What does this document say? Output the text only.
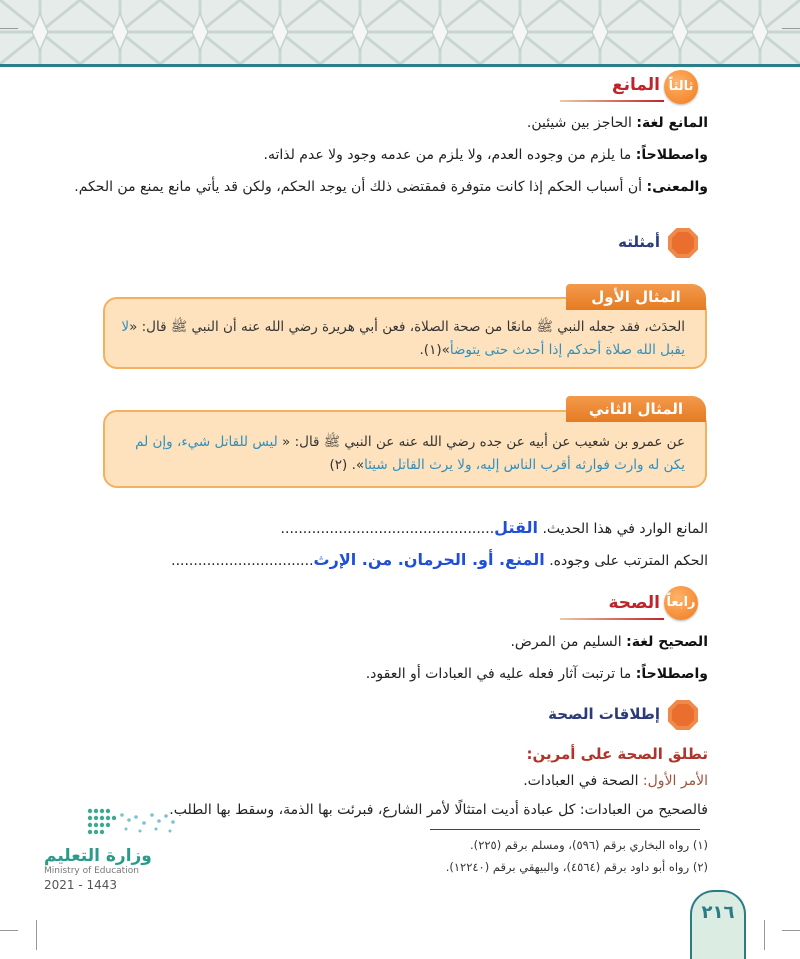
ثالثاً
المانع
المانع لغة: الحاجز بين شيئين.
واصطلاحاً: ما يلزم من وجوده العدم، ولا يلزم من عدمه وجود ولا عدم لذاته.
والمعنى: أن أسباب الحكم إذا كانت متوفرة فمقتضى ذلك أن يوجد الحكم، ولكن قد يأتي مانع يمنع من الحكم.
أمثلته
المثال الأول
الحدَث، فقد جعله النبي ﷺ مانعًا من صحة الصلاة، فعن أبي هريرة رضي الله عنه أن النبي ﷺ قال: «لا
يقبل الله صلاة أحدكم إذا أحدث حتى يتوضأ»(١).
المثال الثاني
عن عمرو بن شعيب عن أبيه عن جده رضي الله عنه عن النبي ﷺ قال: « ليس للقاتل شيء، وإن لم
يكن له وارث فوارثه أقرب الناس إليه، ولا يرث القاتل شيئا». (٢)
المانع الوارد في هذا الحديث. القتل................................................
الحكم المترتب على وجوده. المنع. أو. الحرمان. من. الإرث................................
رابعاً
الصحة
الصحيح لغة: السليم من المرض.
واصطلاحاً: ما ترتبت آثار فعله عليه في العبادات أو العقود.
إطلاقات الصحة
تطلق الصحة على أمرين:
الأمر الأول: الصحة في العبادات.
فالصحيح من العبادات: كل عبادة أديت امتثالًا لأمر الشارع، فبرئت بها الذمة، وسقط بها الطلب.
(١) رواه البخاري برقم (٥٩٦)، ومسلم برقم (٢٢٥).
(٢) رواه أبو داود برقم (٤٥٦٤)، والبيهقي برقم (١٢٢٤٠).
وزارة التعليم
Ministry of Education
2021 - 1443
٢١٦
